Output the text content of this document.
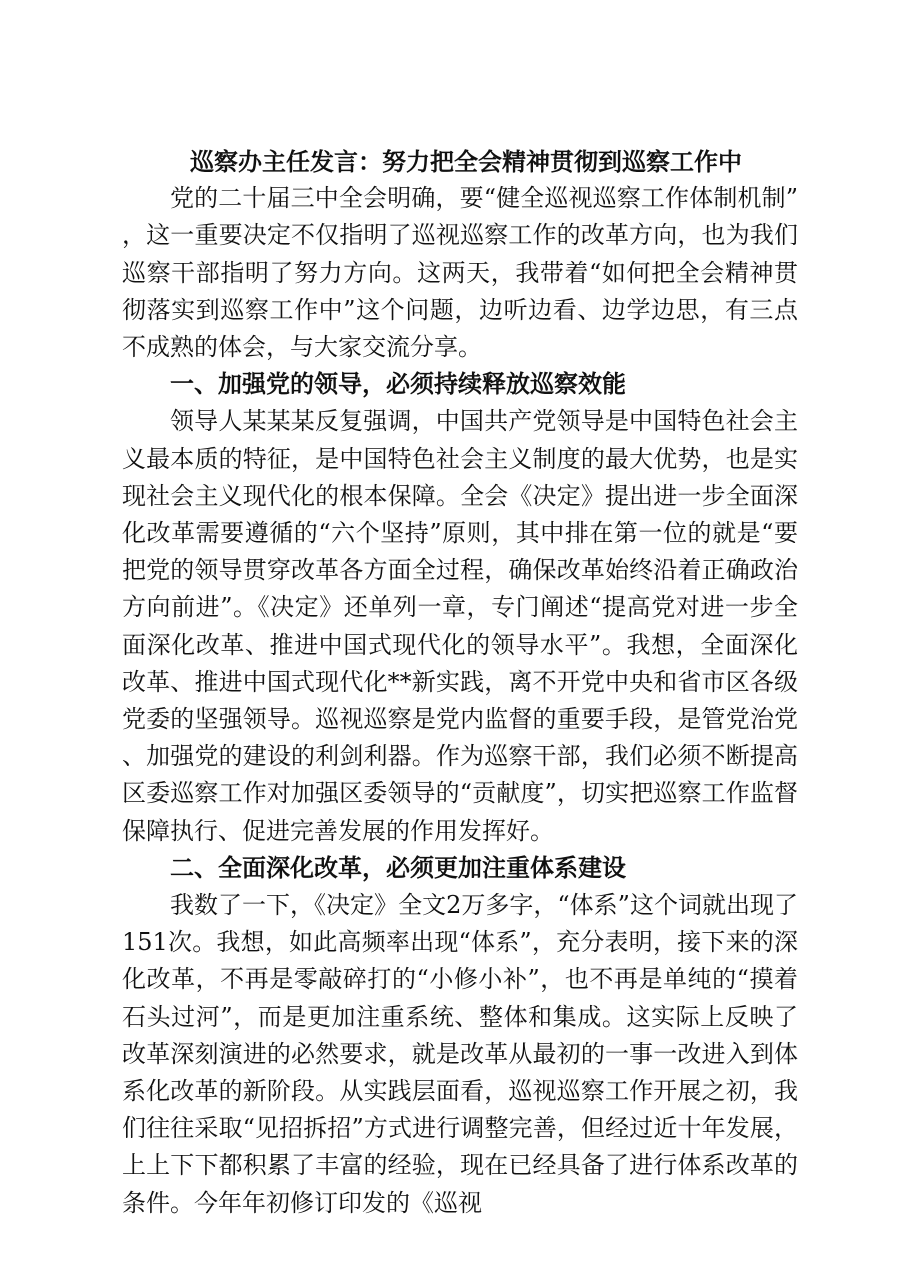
巡察办主任发言：努力把全会精神贯彻到巡察工作中

党的二十届三中全会明确，要“健全巡视巡察工作体制机制”，这一重要决定不仅指明了巡视巡察工作的改革方向，也为我们巡察干部指明了努力方向。这两天，我带着“如何把全会精神贯彻落实到巡察工作中”这个问题，边听边看、边学边思，有三点不成熟的体会，与大家交流分享。

一、加强党的领导，必须持续释放巡察效能

领导人某某某反复强调，中国共产党领导是中国特色社会主义最本质的特征，是中国特色社会主义制度的最大优势，也是实现社会主义现代化的根本保障。全会《决定》提出进一步全面深化改革需要遵循的“六个坚持”原则，其中排在第一位的就是“要把党的领导贯穿改革各方面全过程，确保改革始终沿着正确政治方向前进”。《决定》还单列一章，专门阐述“提高党对进一步全面深化改革、推进中国式现代化的领导水平”。我想，全面深化改革、推进中国式现代化**新实践，离不开党中央和省市区各级党委的坚强领导。巡视巡察是党内监督的重要手段，是管党治党、加强党的建设的利剑利器。作为巡察干部，我们必须不断提高区委巡察工作对加强区委领导的“贡献度”，切实把巡察工作监督保障执行、促进完善发展的作用发挥好。

二、全面深化改革，必须更加注重体系建设

我数了一下，《决定》全文2万多字，“体系”这个词就出现了151次。我想，如此高频率出现“体系”，充分表明，接下来的深化改革，不再是零敲碎打的“小修小补”，也不再是单纯的“摸着石头过河”，而是更加注重系统、整体和集成。这实际上反映了改革深刻演进的必然要求，就是改革从最初的一事一改进入到体系化改革的新阶段。从实践层面看，巡视巡察工作开展之初，我们往往采取“见招拆招”方式进行调整完善，但经过近十年发展，上上下下都积累了丰富的经验，现在已经具备了进行体系改革的条件。今年年初修订印发的《巡视
